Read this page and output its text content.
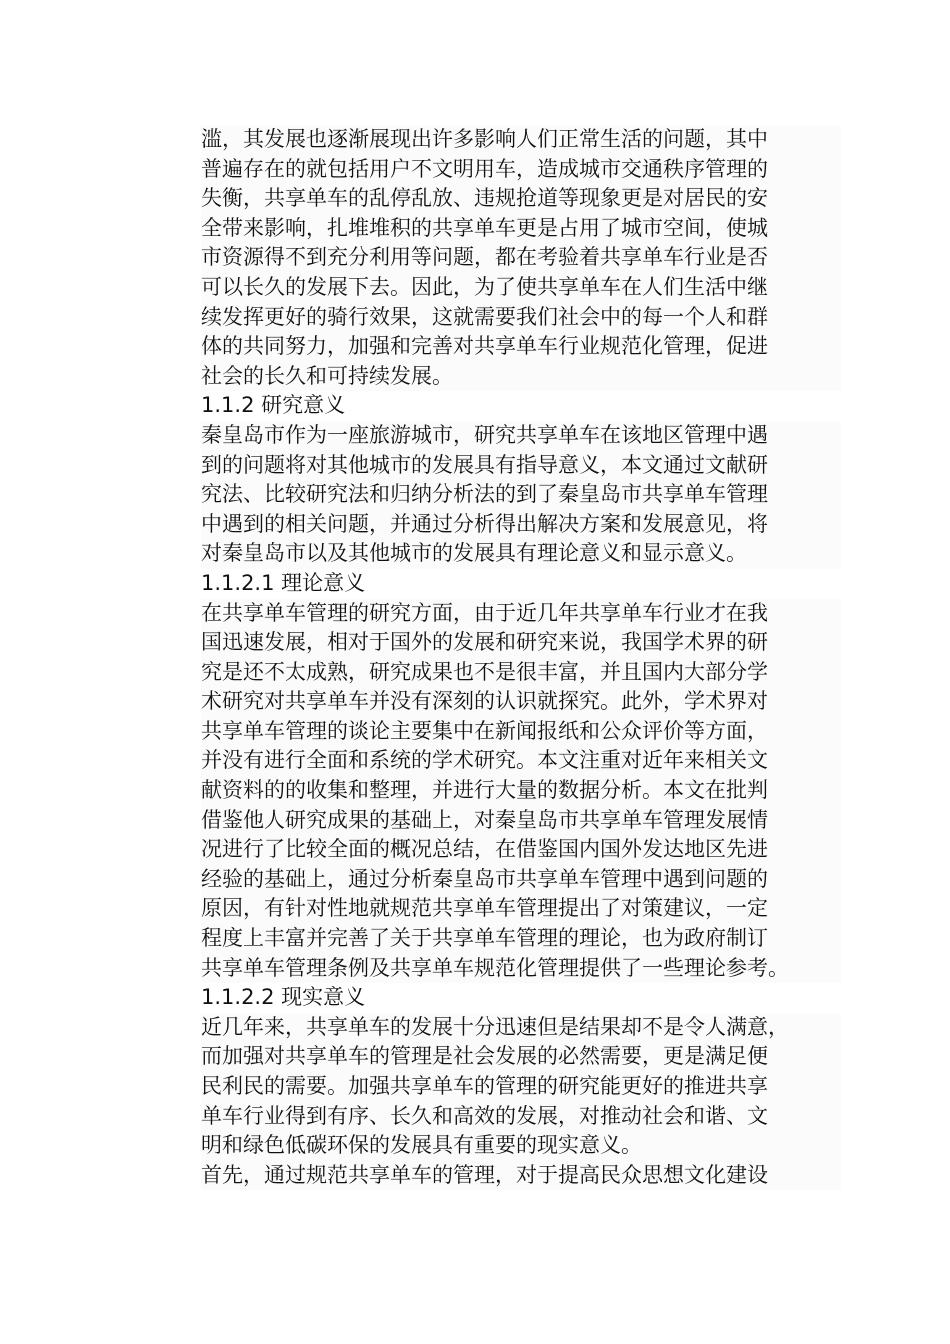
滥，其发展也逐渐展现出许多影响人们正常生活的问题，其中
普遍存在的就包括用户不文明用车，造成城市交通秩序管理的
失衡，共享单车的乱停乱放、违规抢道等现象更是对居民的安
全带来影响，扎堆堆积的共享单车更是占用了城市空间，使城
市资源得不到充分利用等问题，都在考验着共享单车行业是否
可以长久的发展下去。因此，为了使共享单车在人们生活中继
续发挥更好的骑行效果，这就需要我们社会中的每一个人和群
体的共同努力，加强和完善对共享单车行业规范化管理，促进
社会的长久和可持续发展。
1.1.2 研究意义
秦皇岛市作为一座旅游城市，研究共享单车在该地区管理中遇
到的问题将对其他城市的发展具有指导意义，本文通过文献研
究法、比较研究法和归纳分析法的到了秦皇岛市共享单车管理
中遇到的相关问题，并通过分析得出解决方案和发展意见，将
对秦皇岛市以及其他城市的发展具有理论意义和显示意义。
1.1.2.1 理论意义
在共享单车管理的研究方面，由于近几年共享单车行业才在我
国迅速发展，相对于国外的发展和研究来说，我国学术界的研
究是还不太成熟，研究成果也不是很丰富，并且国内大部分学
术研究对共享单车并没有深刻的认识就探究。此外，学术界对
共享单车管理的谈论主要集中在新闻报纸和公众评价等方面，
并没有进行全面和系统的学术研究。本文注重对近年来相关文
献资料的的收集和整理，并进行大量的数据分析。本文在批判
借鉴他人研究成果的基础上，对秦皇岛市共享单车管理发展情
况进行了比较全面的概况总结，在借鉴国内国外发达地区先进
经验的基础上，通过分析秦皇岛市共享单车管理中遇到问题的
原因，有针对性地就规范共享单车管理提出了对策建议，一定
程度上丰富并完善了关于共享单车管理的理论，也为政府制订
共享单车管理条例及共享单车规范化管理提供了一些理论参考。
1.1.2.2 现实意义
近几年来，共享单车的发展十分迅速但是结果却不是令人满意，
而加强对共享单车的管理是社会发展的必然需要，更是满足便
民利民的需要。加强共享单车的管理的研究能更好的推进共享
单车行业得到有序、长久和高效的发展，对推动社会和谐、文
明和绿色低碳环保的发展具有重要的现实意义。
首先，通过规范共享单车的管理，对于提高民众思想文化建设
